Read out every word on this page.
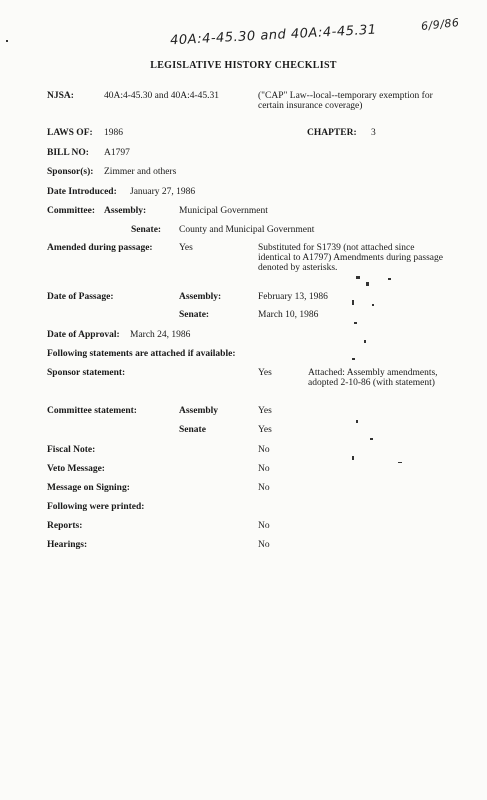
40A:4-45.30 and 40A:4-45.31	6/9/86
LEGISLATIVE HISTORY CHECKLIST
NJSA:	40A:4-45.30 and 40A:4-45.31	("CAP" Law--local--temporary exemption for certain insurance coverage)
LAWS OF: 1986	CHAPTER: 3
BILL NO: A1797
Sponsor(s): Zimmer and others
Date Introduced: January 27, 1986
Committee: Assembly:	Municipal Government
Senate: County and Municipal Government
Amended during passage:	Yes	Substituted for S1739 (not attached since identical to A1797) Amendments during passage denoted by asterisks.
Date of Passage:	Assembly:	February 13, 1986
Senate:	March 10, 1986
Date of Approval: March 24, 1986
Following statements are attached if available:
Sponsor statement:	Yes	Attached: Assembly amendments, adopted 2-10-86 (with statement)
Committee statement:	Assembly	Yes
Senate	Yes
Fiscal Note:	No
Veto Message:	No
Message on Signing:	No
Following were printed:
Reports:	No
Hearings:	No
